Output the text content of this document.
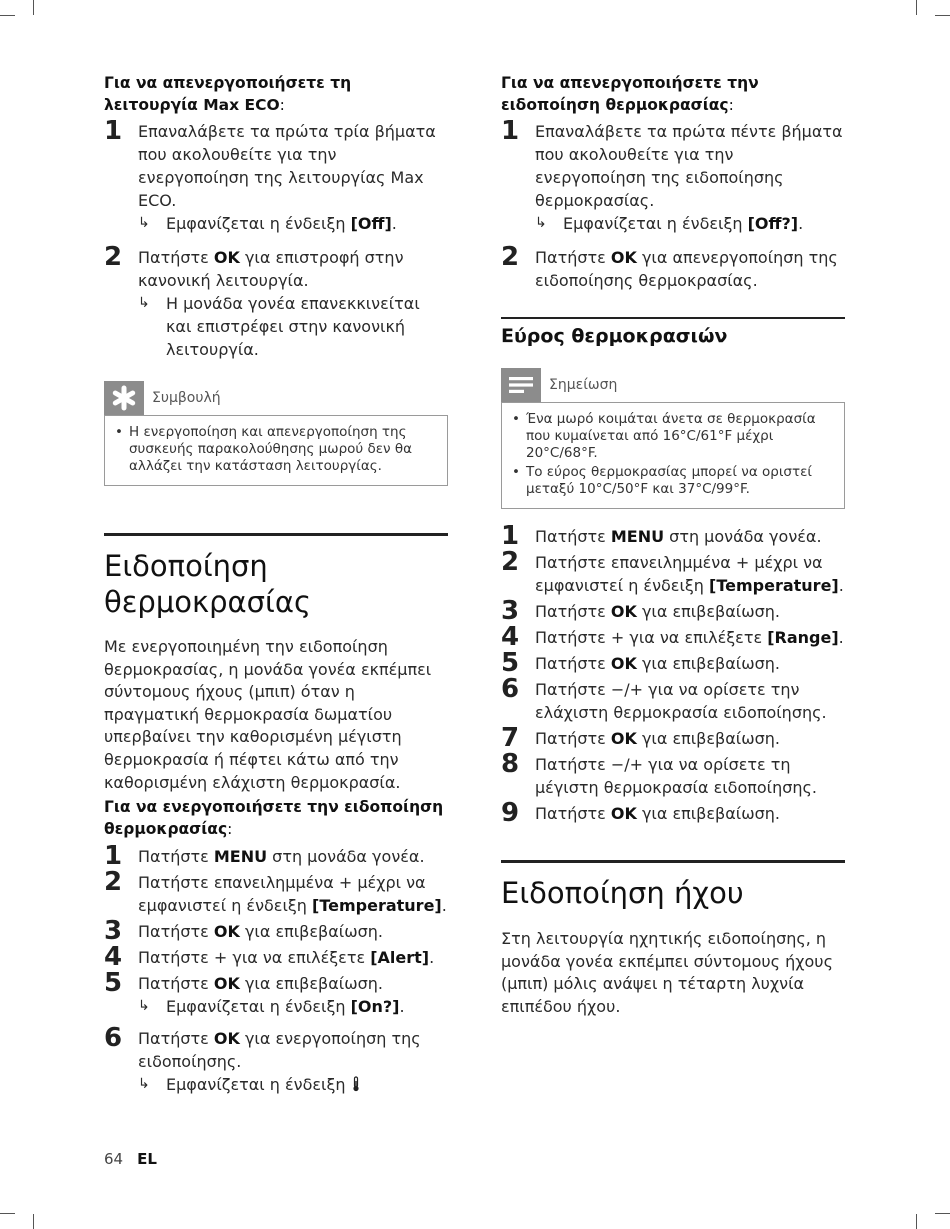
Για να απενεργοποιήσετε τη λειτουργία Max ECO:

1 Επαναλάβετε τα πρώτα τρία βήματα που ακολουθείτε για την ενεργοποίηση της λειτουργίας Max ECO.

↳ Εμφανίζεται η ένδειξη [Off].

2 Πατήστε OK για επιστροφή στην κανονική λειτουργία.

↳ Η μονάδα γονέα επανεκκινείται και επιστρέφει στην κανονική λειτουργία.

Συμβουλή

• Η ενεργοποίηση και απενεργοποίηση της συσκευής παρακολούθησης μωρού δεν θα αλλάζει την κατάσταση λειτουργίας.

Ειδοποίηση θερμοκρασίας

Με ενεργοποιημένη την ειδοποίηση θερμοκρασίας, η μονάδα γονέα εκπέμπει σύντομους ήχους (μπιπ) όταν η πραγματική θερμοκρασία δωματίου υπερβαίνει την καθορισμένη μέγιστη θερμοκρασία ή πέφτει κάτω από την καθορισμένη ελάχιστη θερμοκρασία.

Για να ενεργοποιήσετε την ειδοποίηση θερμοκρασίας:

1 Πατήστε MENU στη μονάδα γονέα.

2 Πατήστε επανειλημμένα + μέχρι να εμφανιστεί η ένδειξη [Temperature].

3 Πατήστε OK για επιβεβαίωση.

4 Πατήστε + για να επιλέξετε [Alert].

5 Πατήστε OK για επιβεβαίωση.

↳ Εμφανίζεται η ένδειξη [On?].

6 Πατήστε OK για ενεργοποίηση της ειδοποίησης.

↳ Εμφανίζεται η ένδειξη

Για να απενεργοποιήσετε την ειδοποίηση θερμοκρασίας:

1 Επαναλάβετε τα πρώτα πέντε βήματα που ακολουθείτε για την ενεργοποίηση της ειδοποίησης θερμοκρασίας.

↳ Εμφανίζεται η ένδειξη [Off?].

2 Πατήστε OK για απενεργοποίηση της ειδοποίησης θερμοκρασίας.

Εύρος θερμοκρασιών
Σημείωση

• Ένα μωρό κοιμάται άνετα σε θερμοκρασία που κυμαίνεται από 16°C/61°F μέχρι 20°C/68°F.

• Το εύρος θερμοκρασίας μπορεί να οριστεί μεταξύ 10°C/50°F και 37°C/99°F.

1 Πατήστε MENU στη μονάδα γονέα.

2 Πατήστε επανειλημμένα + μέχρι να εμφανιστεί η ένδειξη [Temperature].

3 Πατήστε OK για επιβεβαίωση.

4 Πατήστε + για να επιλέξετε [Range].

5 Πατήστε OK για επιβεβαίωση.

6 Πατήστε −/+ για να ορίσετε την ελάχιστη θερμοκρασία ειδοποίησης.

7 Πατήστε OK για επιβεβαίωση.

8 Πατήστε −/+ για να ορίσετε τη μέγιστη θερμοκρασία ειδοποίησης.

9 Πατήστε OK για επιβεβαίωση.

Ειδοποίηση ήχου

Στη λειτουργία ηχητικής ειδοποίησης, η μονάδα γονέα εκπέμπει σύντομους ήχους (μπιπ) μόλις ανάψει η τέταρτη λυχνία επιπέδου ήχου.

64 EL
